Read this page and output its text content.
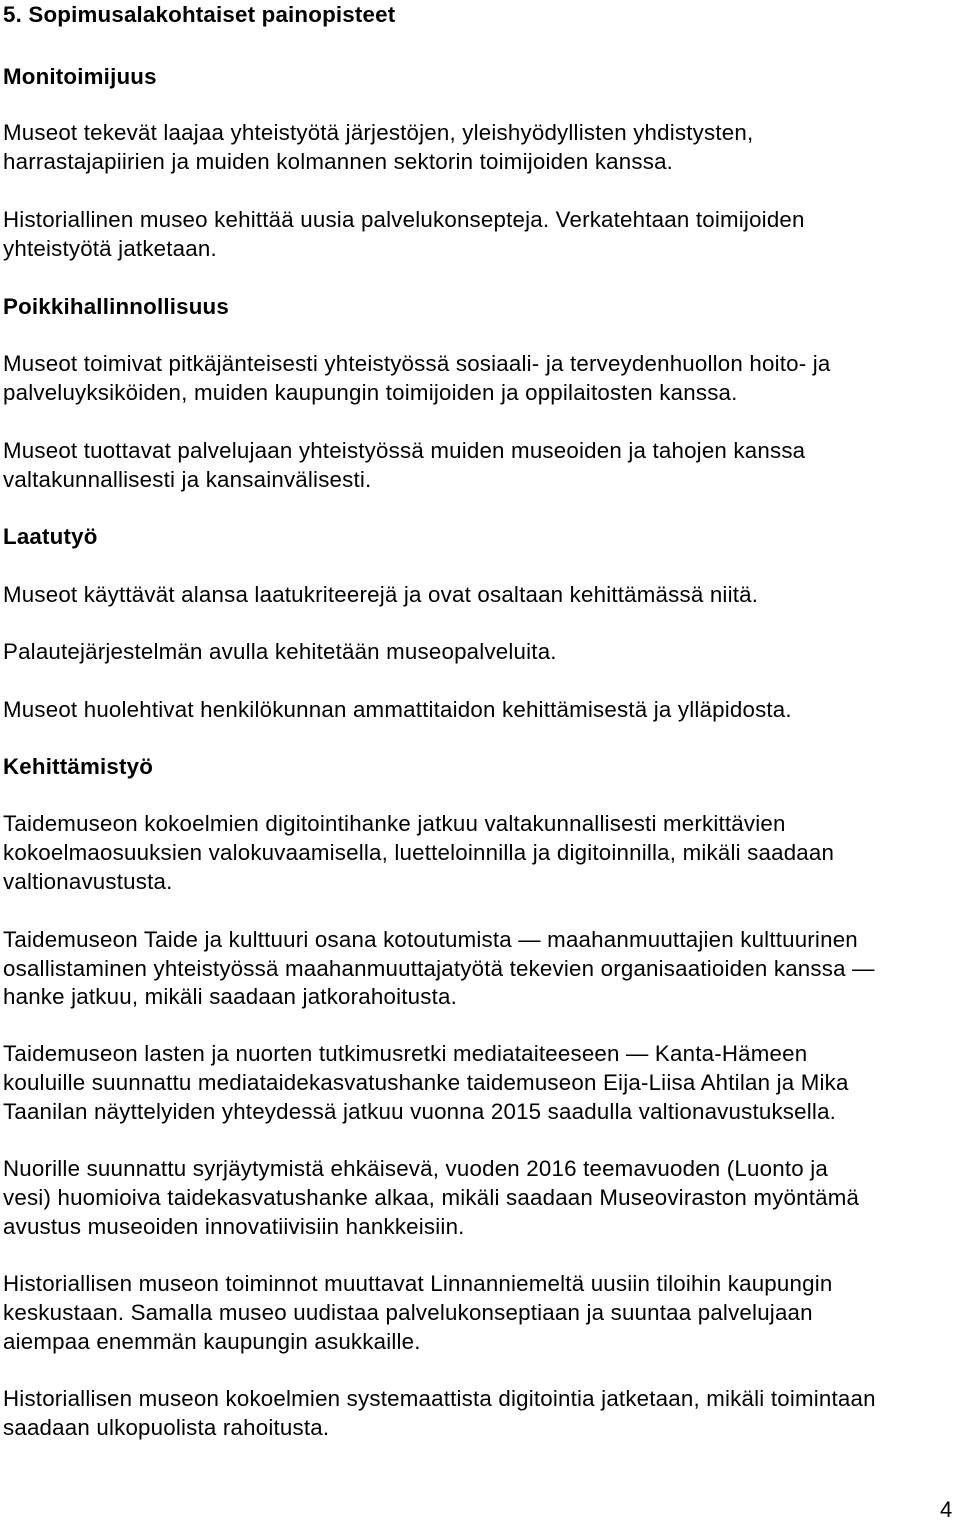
5. Sopimusalakohtaiset painopisteet
Monitoimijuus
Museot tekevät laajaa yhteistyötä järjestöjen, yleishyödyllisten yhdistysten,
harrastajapiirien ja muiden kolmannen sektorin toimijoiden kanssa.
Historiallinen museo kehittää uusia palvelukonsepteja. Verkatehtaan toimijoiden
yhteistyötä jatketaan.
Poikkihallinnollisuus
Museot toimivat pitkäjänteisesti yhteistyössä sosiaali- ja terveydenhuollon hoito- ja
palveluyksiköiden, muiden kaupungin toimijoiden ja oppilaitosten kanssa.
Museot tuottavat palvelujaan yhteistyössä muiden museoiden ja tahojen kanssa
valtakunnallisesti ja kansainvälisesti.
Laatutyö
Museot käyttävät alansa laatukriteerejä ja ovat osaltaan kehittämässä niitä.
Palautejärjestelmän avulla kehitetään museopalveluita.
Museot huolehtivat henkilökunnan ammattitaidon kehittämisestä ja ylläpidosta.
Kehittämistyö
Taidemuseon kokoelmien digitointihanke jatkuu valtakunnallisesti merkittävien
kokoelmaosuuksien valokuvaamisella, luetteloinnilla ja digitoinnilla, mikäli saadaan
valtionavustusta.
Taidemuseon Taide ja kulttuuri osana kotoutumista — maahanmuuttajien kulttuurinen
osallistaminen yhteistyössä maahanmuuttajatyötä tekevien organisaatioiden kanssa —
hanke jatkuu, mikäli saadaan jatkorahoitusta.
Taidemuseon lasten ja nuorten tutkimusretki mediataiteeseen — Kanta-Hämeen
kouluille suunnattu mediataidekasvatushanke taidemuseon Eija-Liisa Ahtilan ja Mika
Taanilan näyttelyiden yhteydessä jatkuu vuonna 2015 saadulla valtionavustuksella.
Nuorille suunnattu syrjäytymistä ehkäisevä, vuoden 2016 teemavuoden (Luonto ja
vesi) huomioiva taidekasvatushanke alkaa, mikäli saadaan Museoviraston myöntämä
avustus museoiden innovatiivisiin hankkeisiin.
Historiallisen museon toiminnot muuttavat Linnanniemeltä uusiin tiloihin kaupungin
keskustaan. Samalla museo uudistaa palvelukonseptiaan ja suuntaa palvelujaan
aiempaa enemmän kaupungin asukkaille.
Historiallisen museon kokoelmien systemaattista digitointia jatketaan, mikäli toimintaan
saadaan ulkopuolista rahoitusta.
4
